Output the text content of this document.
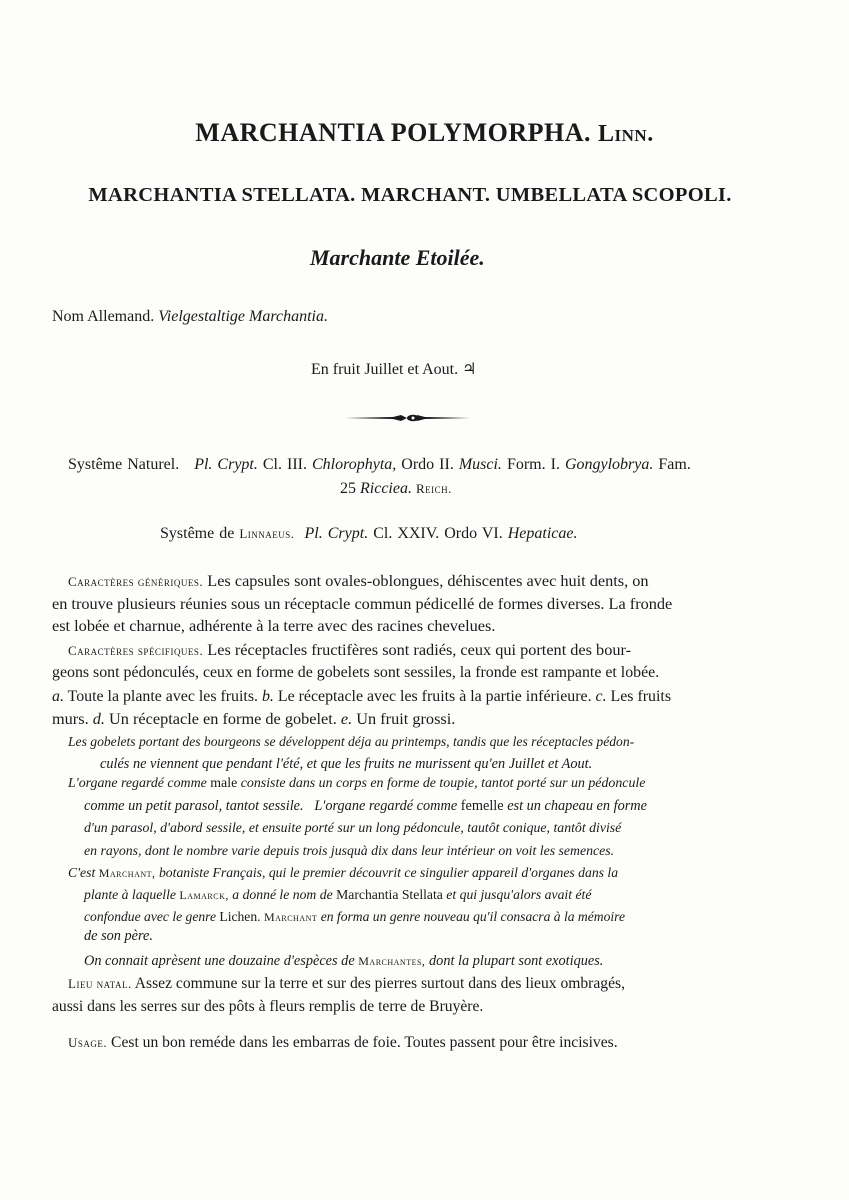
MARCHANTIA POLYMORPHA. Linn.
MARCHANTIA STELLATA. MARCHANT. UMBELLATA SCOPOLI.
Marchante Etoilée.
Nom Allemand. Vielgestaltige Marchantia.
En fruit Juillet et Aout. ♃
Systême Naturel. Pl. Crypt. Cl. III. Chlorophyta, Ordo II. Musci. Form. I. Gongylobrya. Fam.
25 Ricciea. Reich.
Systême de Linnaeus. Pl. Crypt. Cl. XXIV. Ordo VI. Hepaticae.
Caractères génériques. Les capsules sont ovales-oblongues, déhiscentes avec huit dents, on
en trouve plusieurs réunies sous un réceptacle commun pédicellé de formes diverses. La fronde
est lobée et charnue, adhérente à la terre avec des racines chevelues.
Caractères spécifiques. Les réceptacles fructifères sont radiés, ceux qui portent des bour-
geons sont pédonculés, ceux en forme de gobelets sont sessiles, la fronde est rampante et lobée.
a. Toute la plante avec les fruits. b. Le réceptacle avec les fruits à la partie inférieure. c. Les fruits
murs. d. Un réceptacle en forme de gobelet. e. Un fruit grossi.
Les gobelets portant des bourgeons se développent déja au printemps, tandis que les réceptacles pédon-
culés ne viennent que pendant l'été, et que les fruits ne murissent qu'en Juillet et Aout.
L'organe regardé comme male consiste dans un corps en forme de toupie, tantot porté sur un pédoncule
comme un petit parasol, tantot sessile. L'organe regardé comme femelle est un chapeau en forme
d'un parasol, d'abord sessile, et ensuite porté sur un long pédoncule, tautôt conique, tantôt divisé
en rayons, dont le nombre varie depuis trois jusquà dix dans leur intérieur on voit les semences.
C'est Marchant, botaniste Français, qui le premier découvrit ce singulier appareil d'organes dans la
plante à laquelle Lamarck, a donné le nom de Marchantia Stellata et qui jusqu'alors avait été
confondue avec le genre Lichen. Marchant en forma un genre nouveau qu'il consacra à la mémoire
de son père.
On connait aprèsent une douzaine d'espèces de Marchantes, dont la plupart sont exotiques.
Lieu natal. Assez commune sur la terre et sur des pierres surtout dans des lieux ombragés,
aussi dans les serres sur des pôts à fleurs remplis de terre de Bruyère.
Usage. Cest un bon reméde dans les embarras de foie. Toutes passent pour être incisives.
